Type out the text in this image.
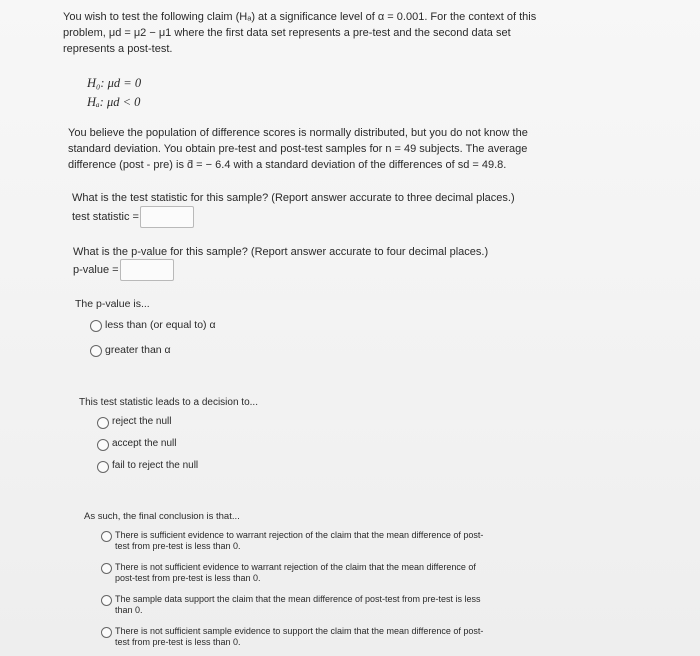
You wish to test the following claim (Hₐ) at a significance level of α = 0.001. For the context of this
problem, μd = μ2 − μ1 where the first data set represents a pre-test and the second data set
represents a post-test.
H₀: μd = 0
Hₐ: μd < 0
You believe the population of difference scores is normally distributed, but you do not know the
standard deviation. You obtain pre-test and post-test samples for n = 49 subjects. The average
difference (post - pre) is d̄ = − 6.4 with a standard deviation of the differences of sd = 49.8.
What is the test statistic for this sample? (Report answer accurate to three decimal places.)
test statistic =
What is the p-value for this sample? (Report answer accurate to four decimal places.)
p-value =
The p-value is...
less than (or equal to) α
greater than α
This test statistic leads to a decision to...
reject the null
accept the null
fail to reject the null
As such, the final conclusion is that...
There is sufficient evidence to warrant rejection of the claim that the mean difference of post-
test from pre-test is less than 0.
There is not sufficient evidence to warrant rejection of the claim that the mean difference of
post-test from pre-test is less than 0.
The sample data support the claim that the mean difference of post-test from pre-test is less
than 0.
There is not sufficient sample evidence to support the claim that the mean difference of post-
test from pre-test is less than 0.
